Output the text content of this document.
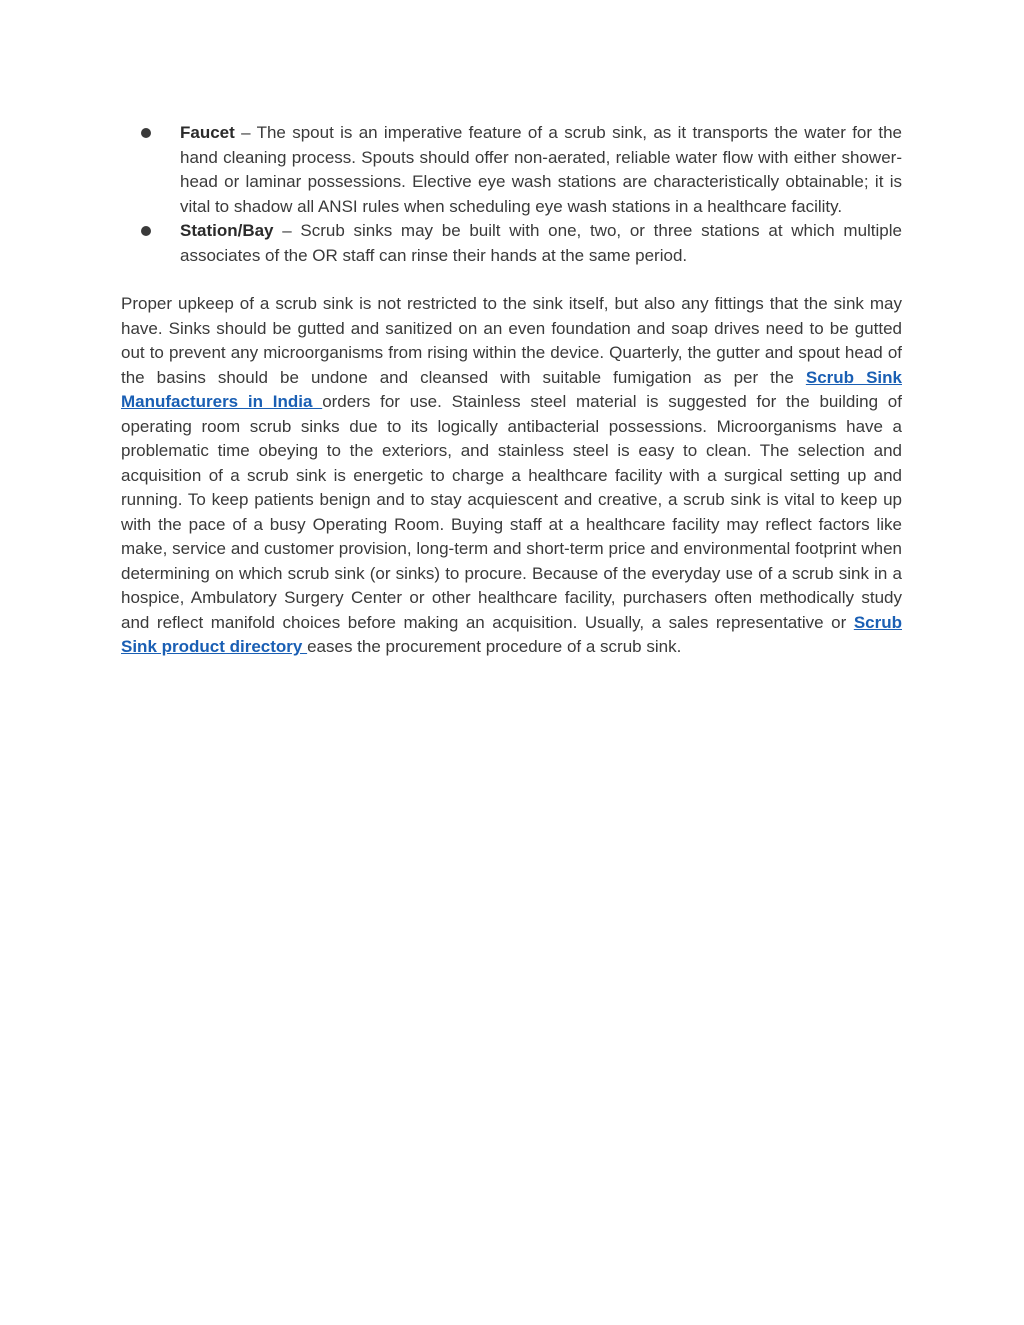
Faucet – The spout is an imperative feature of a scrub sink, as it transports the water for the hand cleaning process. Spouts should offer non-aerated, reliable water flow with either shower-head or laminar possessions. Elective eye wash stations are characteristically obtainable; it is vital to shadow all ANSI rules when scheduling eye wash stations in a healthcare facility.
Station/Bay – Scrub sinks may be built with one, two, or three stations at which multiple associates of the OR staff can rinse their hands at the same period.

Proper upkeep of a scrub sink is not restricted to the sink itself, but also any fittings that the sink may have. Sinks should be gutted and sanitized on an even foundation and soap drives need to be gutted out to prevent any microorganisms from rising within the device. Quarterly, the gutter and spout head of the basins should be undone and cleansed with suitable fumigation as per the Scrub Sink Manufacturers in India orders for use. Stainless steel material is suggested for the building of operating room scrub sinks due to its logically antibacterial possessions. Microorganisms have a problematic time obeying to the exteriors, and stainless steel is easy to clean. The selection and acquisition of a scrub sink is energetic to charge a healthcare facility with a surgical setting up and running. To keep patients benign and to stay acquiescent and creative, a scrub sink is vital to keep up with the pace of a busy Operating Room. Buying staff at a healthcare facility may reflect factors like make, service and customer provision, long-term and short-term price and environmental footprint when determining on which scrub sink (or sinks) to procure. Because of the everyday use of a scrub sink in a hospice, Ambulatory Surgery Center or other healthcare facility, purchasers often methodically study and reflect manifold choices before making an acquisition. Usually, a sales representative or Scrub Sink product directory eases the procurement procedure of a scrub sink.
